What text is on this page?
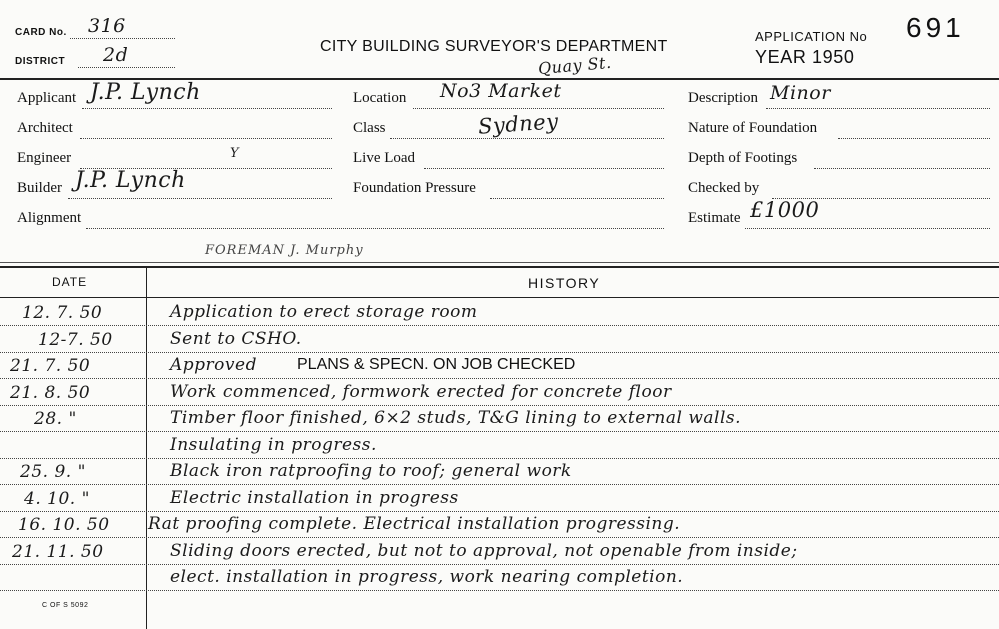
CARD No. 316
DISTRICT 2d	CITY BUILDING SURVEYOR'S DEPARTMENT
Quay St.
APPLICATION No 691
YEAR 1950
Applicant J.P. Lynch
Architect
Engineer	Y
Builder J.P. Lynch
Alignment
Location No3 Market
Class	Sydney
Live Load
Foundation Pressure
Description Minor
Nature of Foundation
Depth of Footings
Checked by
Estimate £1000
FOREMAN J. Murphy
DATE	HISTORY
12. 7. 50	Application to erect storage room
12-7. 50	Sent to CSHO.
21. 7. 50	Approved	PLANS & SPECN. ON JOB CHECKED
21. 8. 50	Work commenced, formwork erected for concrete floor
28. "	Timber floor finished, 6×2 studs, T&G lining to external walls.
Insulating in progress.
25. 9. "	Black iron ratproofing to roof; general work
4. 10. "	Electric installation in progress
16. 10. 50 Rat proofing complete. Electrical installation progressing.
21. 11. 50	Sliding doors erected, but not to approval, not openable from inside;
elect. installation in progress, work nearing completion.
C OF S 5092
